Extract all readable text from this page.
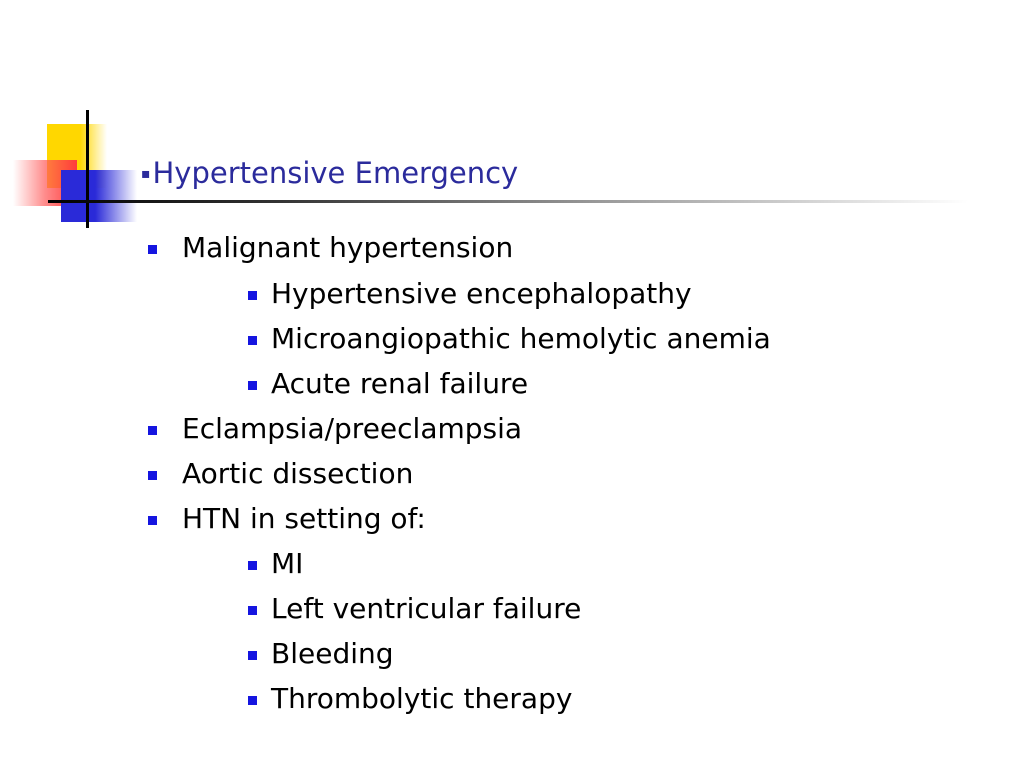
▪Hypertensive Emergency
Malignant hypertension
Hypertensive encephalopathy
Microangiopathic hemolytic anemia
Acute renal failure
Eclampsia/preeclampsia
Aortic dissection
HTN in setting of:
MI
Left ventricular failure
Bleeding
Thrombolytic therapy
